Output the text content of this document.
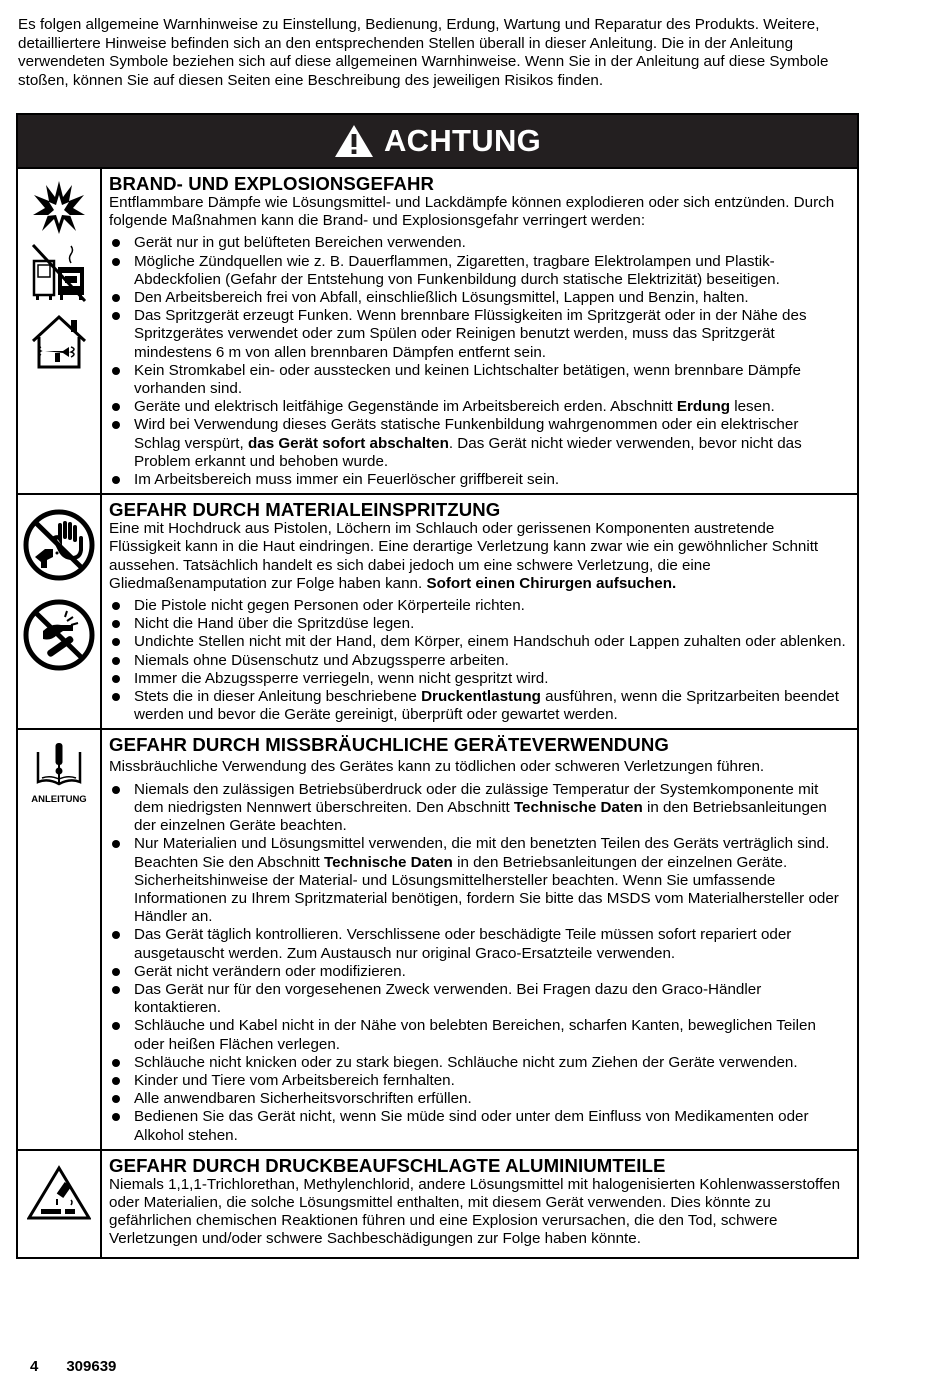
Es folgen allgemeine Warnhinweise zu Einstellung, Bedienung, Erdung, Wartung und Reparatur des Produkts. Weitere, detailliertere Hinweise befinden sich an den entsprechenden Stellen überall in dieser Anleitung. Die in der Anleitung verwendeten Symbole beziehen sich auf diese allgemeinen Warnhinweise. Wenn Sie in der Anleitung auf diese Symbole stoßen, können Sie auf diesen Seiten eine Beschreibung des jeweiligen Risikos finden.

ACHTUNG
BRAND- UND EXPLOSIONSGEFAHR

Entflammbare Dämpfe wie Lösungsmittel- und Lackdämpfe können explodieren oder sich entzünden. Durch folgende Maßnahmen kann die Brand- und Explosionsgefahr verringert werden:

Gerät nur in gut belüfteten Bereichen verwenden.
Mögliche Zündquellen wie z. B. Dauerflammen, Zigaretten, tragbare Elektrolampen und Plastik-Abdeckfolien (Gefahr der Entstehung von Funkenbildung durch statische Elektrizität) beseitigen.
Den Arbeitsbereich frei von Abfall, einschließlich Lösungsmittel, Lappen und Benzin, halten.
Das Spritzgerät erzeugt Funken. Wenn brennbare Flüssigkeiten im Spritzgerät oder in der Nähe des Spritzgerätes verwendet oder zum Spülen oder Reinigen benutzt werden, muss das Spritzgerät mindestens 6 m von allen brennbaren Dämpfen entfernt sein.
Kein Stromkabel ein- oder ausstecken und keinen Lichtschalter betätigen, wenn brennbare Dämpfe vorhanden sind.
Geräte und elektrisch leitfähige Gegenstände im Arbeitsbereich erden. Abschnitt Erdung lesen.
Wird bei Verwendung dieses Geräts statische Funkenbildung wahrgenommen oder ein elektrischer Schlag verspürt, das Gerät sofort abschalten. Das Gerät nicht wieder verwenden, bevor nicht das Problem erkannt und behoben wurde.
Im Arbeitsbereich muss immer ein Feuerlöscher griffbereit sein.
GEFAHR DURCH MATERIALEINSPRITZUNG

Eine mit Hochdruck aus Pistolen, Löchern im Schlauch oder gerissenen Komponenten austretende Flüssigkeit kann in die Haut eindringen. Eine derartige Verletzung kann zwar wie ein gewöhnlicher Schnitt aussehen. Tatsächlich handelt es sich dabei jedoch um eine schwere Verletzung, die eine Gliedmaßenamputation zur Folge haben kann. Sofort einen Chirurgen aufsuchen.

Die Pistole nicht gegen Personen oder Körperteile richten.
Nicht die Hand über die Spritzdüse legen.
Undichte Stellen nicht mit der Hand, dem Körper, einem Handschuh oder Lappen zuhalten oder ablenken.
Niemals ohne Düsenschutz und Abzugssperre arbeiten.
Immer die Abzugssperre verriegeln, wenn nicht gespritzt wird.
Stets die in dieser Anleitung beschriebene Druckentlastung ausführen, wenn die Spritzarbeiten beendet werden und bevor die Geräte gereinigt, überprüft oder gewartet werden.
ANLEITUNG
GEFAHR DURCH MISSBRÄUCHLICHE GERÄTEVERWENDUNG

Missbräuchliche Verwendung des Gerätes kann zu tödlichen oder schweren Verletzungen führen.

Niemals den zulässigen Betriebsüberdruck oder die zulässige Temperatur der Systemkomponente mit dem niedrigsten Nennwert überschreiten. Den Abschnitt Technische Daten in den Betriebsanleitungen der einzelnen Geräte beachten.
Nur Materialien und Lösungsmittel verwenden, die mit den benetzten Teilen des Geräts verträglich sind. Beachten Sie den Abschnitt Technische Daten in den Betriebsanleitungen der einzelnen Geräte. Sicherheitshinweise der Material- und Lösungsmittelhersteller beachten. Wenn Sie umfassende Informationen zu Ihrem Spritzmaterial benötigen, fordern Sie bitte das MSDS vom Materialhersteller oder Händler an.
Das Gerät täglich kontrollieren. Verschlissene oder beschädigte Teile müssen sofort repariert oder ausgetauscht werden. Zum Austausch nur original Graco-Ersatzteile verwenden.
Gerät nicht verändern oder modifizieren.
Das Gerät nur für den vorgesehenen Zweck verwenden. Bei Fragen dazu den Graco-Händler kontaktieren.
Schläuche und Kabel nicht in der Nähe von belebten Bereichen, scharfen Kanten, beweglichen Teilen oder heißen Flächen verlegen.
Schläuche nicht knicken oder zu stark biegen. Schläuche nicht zum Ziehen der Geräte verwenden.
Kinder und Tiere vom Arbeitsbereich fernhalten.
Alle anwendbaren Sicherheitsvorschriften erfüllen.
Bedienen Sie das Gerät nicht, wenn Sie müde sind oder unter dem Einfluss von Medikamenten oder Alkohol stehen.
GEFAHR DURCH DRUCKBEAUFSCHLAGTE ALUMINIUMTEILE

Niemals 1,1,1-Trichlorethan, Methylenchlorid, andere Lösungsmittel mit halogenisierten Kohlenwasserstoffen oder Materialien, die solche Lösungsmittel enthalten, mit diesem Gerät verwenden. Dies könnte zu gefährlichen chemischen Reaktionen führen und eine Explosion verursachen, die den Tod, schwere Verletzungen und/oder schwere Sachbeschädigungen zur Folge haben könnte.

4 309639
